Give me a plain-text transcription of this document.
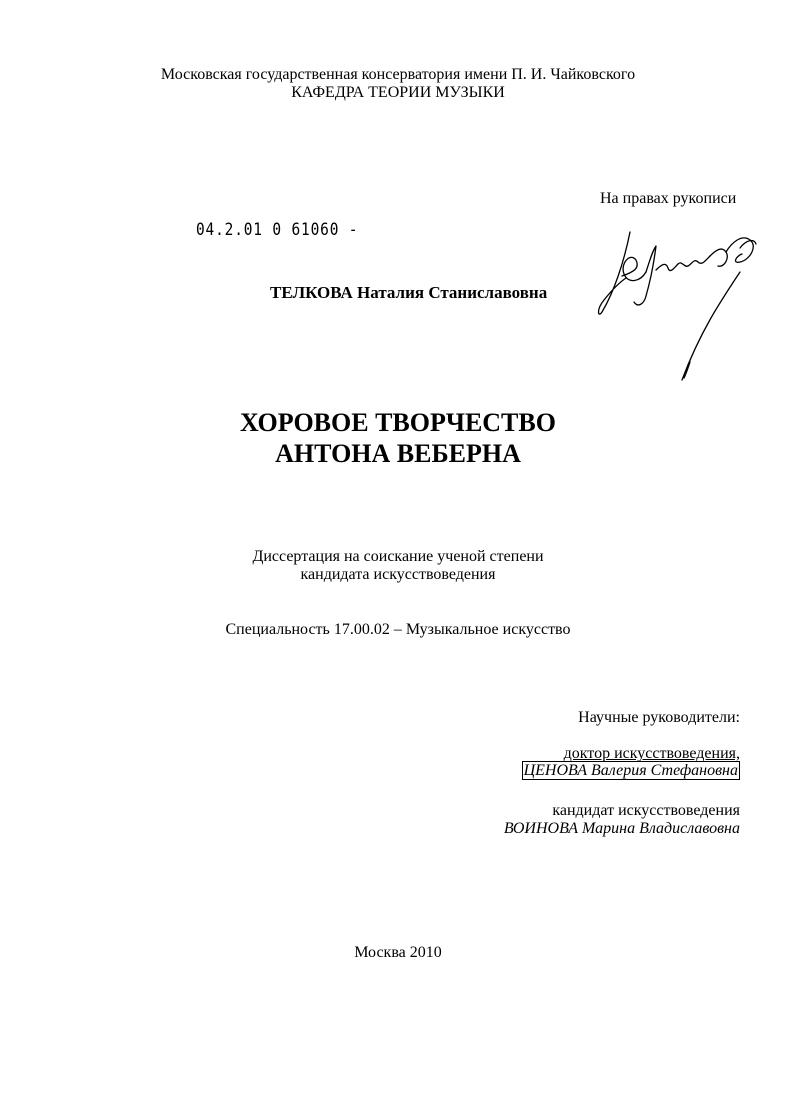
Московская государственная консерватория имени П. И. Чайковского
КАФЕДРА ТЕОРИИ МУЗЫКИ
На правах рукописи
04.2.01 0 61060 -
ТЕЛКОВА Наталия Станиславовна
ХОРОВОЕ ТВОРЧЕСТВО
АНТОНА ВЕБЕРНА
Диссертация на соискание ученой степени
кандидата искусствоведения
Специальность 17.00.02 – Музыкальное искусство
Научные руководители:
доктор искусствоведения,
ЦЕНОВА Валерия Стефановна
кандидат искусствоведения
ВОИНОВА Марина Владиславовна
Москва 2010
